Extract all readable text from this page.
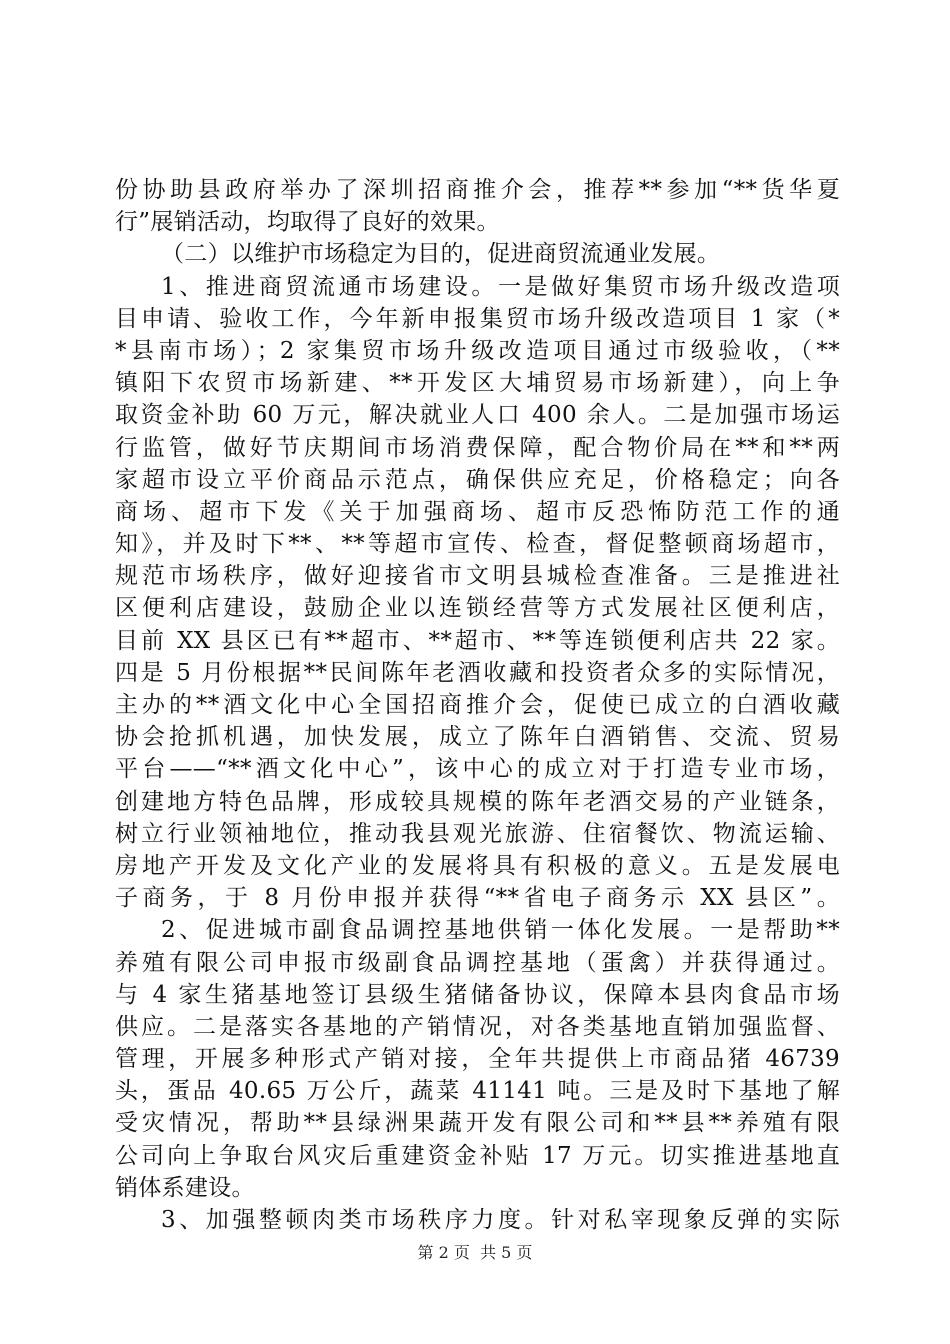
份协助县政府举办了深圳招商推介会，推荐**参加“**货华夏
行”展销活动，均取得了良好的效果。
（二）以维护市场稳定为目的，促进商贸流通业发展。
1、推进商贸流通市场建设。一是做好集贸市场升级改造项
目申请、验收工作，今年新申报集贸市场升级改造项目 1 家（*
*县南市场）；2 家集贸市场升级改造项目通过市级验收，（**
镇阳下农贸市场新建、**开发区大埔贸易市场新建），向上争
取资金补助 60 万元，解决就业人口 400 余人。二是加强市场运
行监管，做好节庆期间市场消费保障，配合物价局在**和**两
家超市设立平价商品示范点，确保供应充足，价格稳定；向各
商场、超市下发《关于加强商场、超市反恐怖防范工作的通
知》，并及时下**、**等超市宣传、检查，督促整顿商场超市，
规范市场秩序，做好迎接省市文明县城检查准备。三是推进社
区便利店建设，鼓励企业以连锁经营等方式发展社区便利店，
目前 XX 县区已有**超市、**超市、**等连锁便利店共 22 家。
四是 5 月份根据**民间陈年老酒收藏和投资者众多的实际情况，
主办的**酒文化中心全国招商推介会，促使已成立的白酒收藏
协会抢抓机遇，加快发展，成立了陈年白酒销售、交流、贸易
平台——“**酒文化中心”，该中心的成立对于打造专业市场，
创建地方特色品牌，形成较具规模的陈年老酒交易的产业链条，
树立行业领袖地位，推动我县观光旅游、住宿餐饮、物流运输、
房地产开发及文化产业的发展将具有积极的意义。五是发展电
子商务，于 8 月份申报并获得“**省电子商务示 XX 县区”。
2、促进城市副食品调控基地供销一体化发展。一是帮助**
养殖有限公司申报市级副食品调控基地（蛋禽）并获得通过。
与 4 家生猪基地签订县级生猪储备协议，保障本县肉食品市场
供应。二是落实各基地的产销情况，对各类基地直销加强监督、
管理，开展多种形式产销对接，全年共提供上市商品猪 46739
头，蛋品 40.65 万公斤，蔬菜 41141 吨。三是及时下基地了解
受灾情况，帮助**县绿洲果蔬开发有限公司和**县**养殖有限
公司向上争取台风灾后重建资金补贴 17 万元。切实推进基地直
销体系建设。
3、加强整顿肉类市场秩序力度。针对私宰现象反弹的实际
第 2 页  共 5 页
